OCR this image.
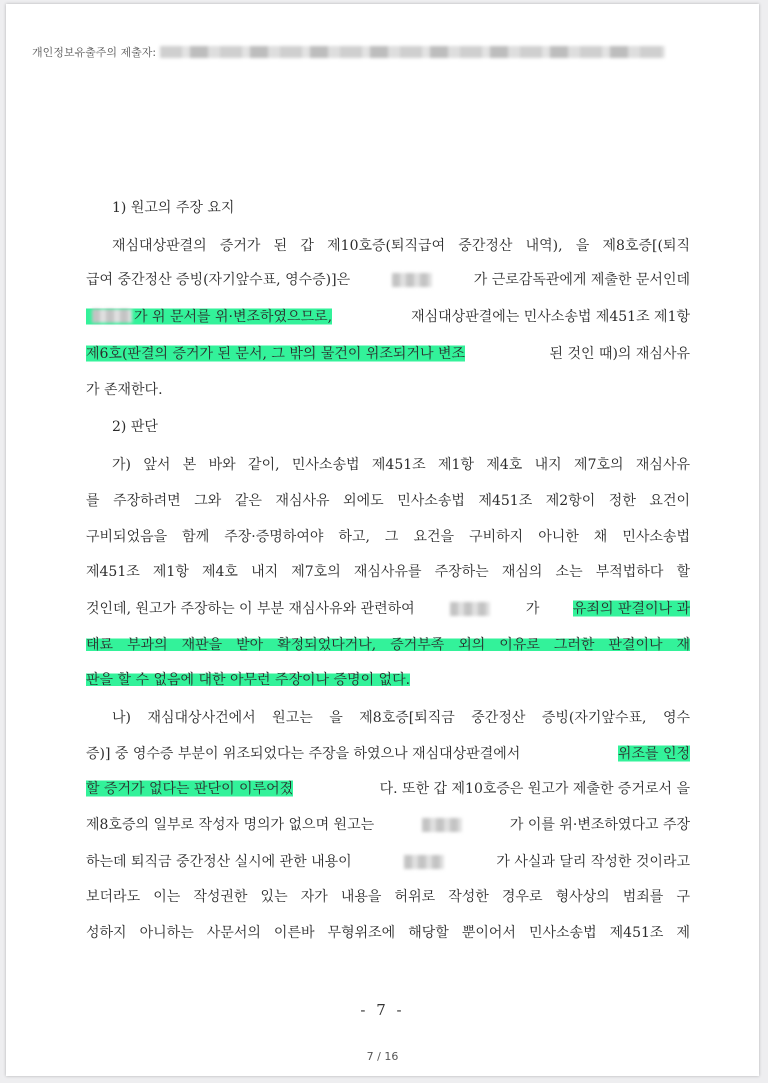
개인정보유출주의 제출자:
1) 원고의 주장 요지
재심대상판결의 증거가 된 갑 제10호증(퇴직급여 중간정산 내역), 을 제8호증[(퇴직
급여 중간정산 증빙(자기앞수표, 영수증)]은	가 근로감독관에게 제출한 문서인데
가 위 문서를 위·변조하였으므로,	재심대상판결에는 민사소송법 제451조 제1항
제6호(판결의 증거가 된 문서, 그 밖의 물건이 위조되거나 변조	된 것인 때)의 재심사유
가 존재한다.
2) 판단
가) 앞서 본 바와 같이, 민사소송법 제451조 제1항 제4호 내지 제7호의 재심사유
를 주장하려면 그와 같은 재심사유 외에도 민사소송법 제451조 제2항이 정한 요건이
구비되었음을 함께 주장·증명하여야 하고, 그 요건을 구비하지 아니한 채 민사소송법
제451조 제1항 제4호 내지 제7호의 재심사유를 주장하는 재심의 소는 부적법하다 할
것인데, 원고가 주장하는 이 부분 재심사유와 관련하여	가 유죄의 판결이나 과
태료 부과의 재판을 받아 확정되었다거나, 증거부족 외의 이유로 그러한 판결이나 재
판을 할 수 없음에 대한 아무런 주장이나 증명이 없다.
나) 재심대상사건에서 원고는 을 제8호증[퇴직금 중간정산 증빙(자기앞수표, 영수
증)] 중 영수증 부분이 위조되었다는 주장을 하였으나 재심대상판결에서	위조를 인정
할 증거가 없다는 판단이 이루어졌	다. 또한 갑 제10호증은 원고가 제출한 증거로서 을
제8호증의 일부로 작성자 명의가 없으며 원고는	가 이를 위·변조하였다고 주장
하는데 퇴직금 중간정산 실시에 관한 내용이	가 사실과 달리 작성한 것이라고
보더라도 이는 작성권한 있는 자가 내용을 허위로 작성한 경우로 형사상의 범죄를 구
성하지 아니하는 사문서의 이른바 무형위조에 해당할 뿐이어서 민사소송법 제451조 제
- 7 -
7 / 16
